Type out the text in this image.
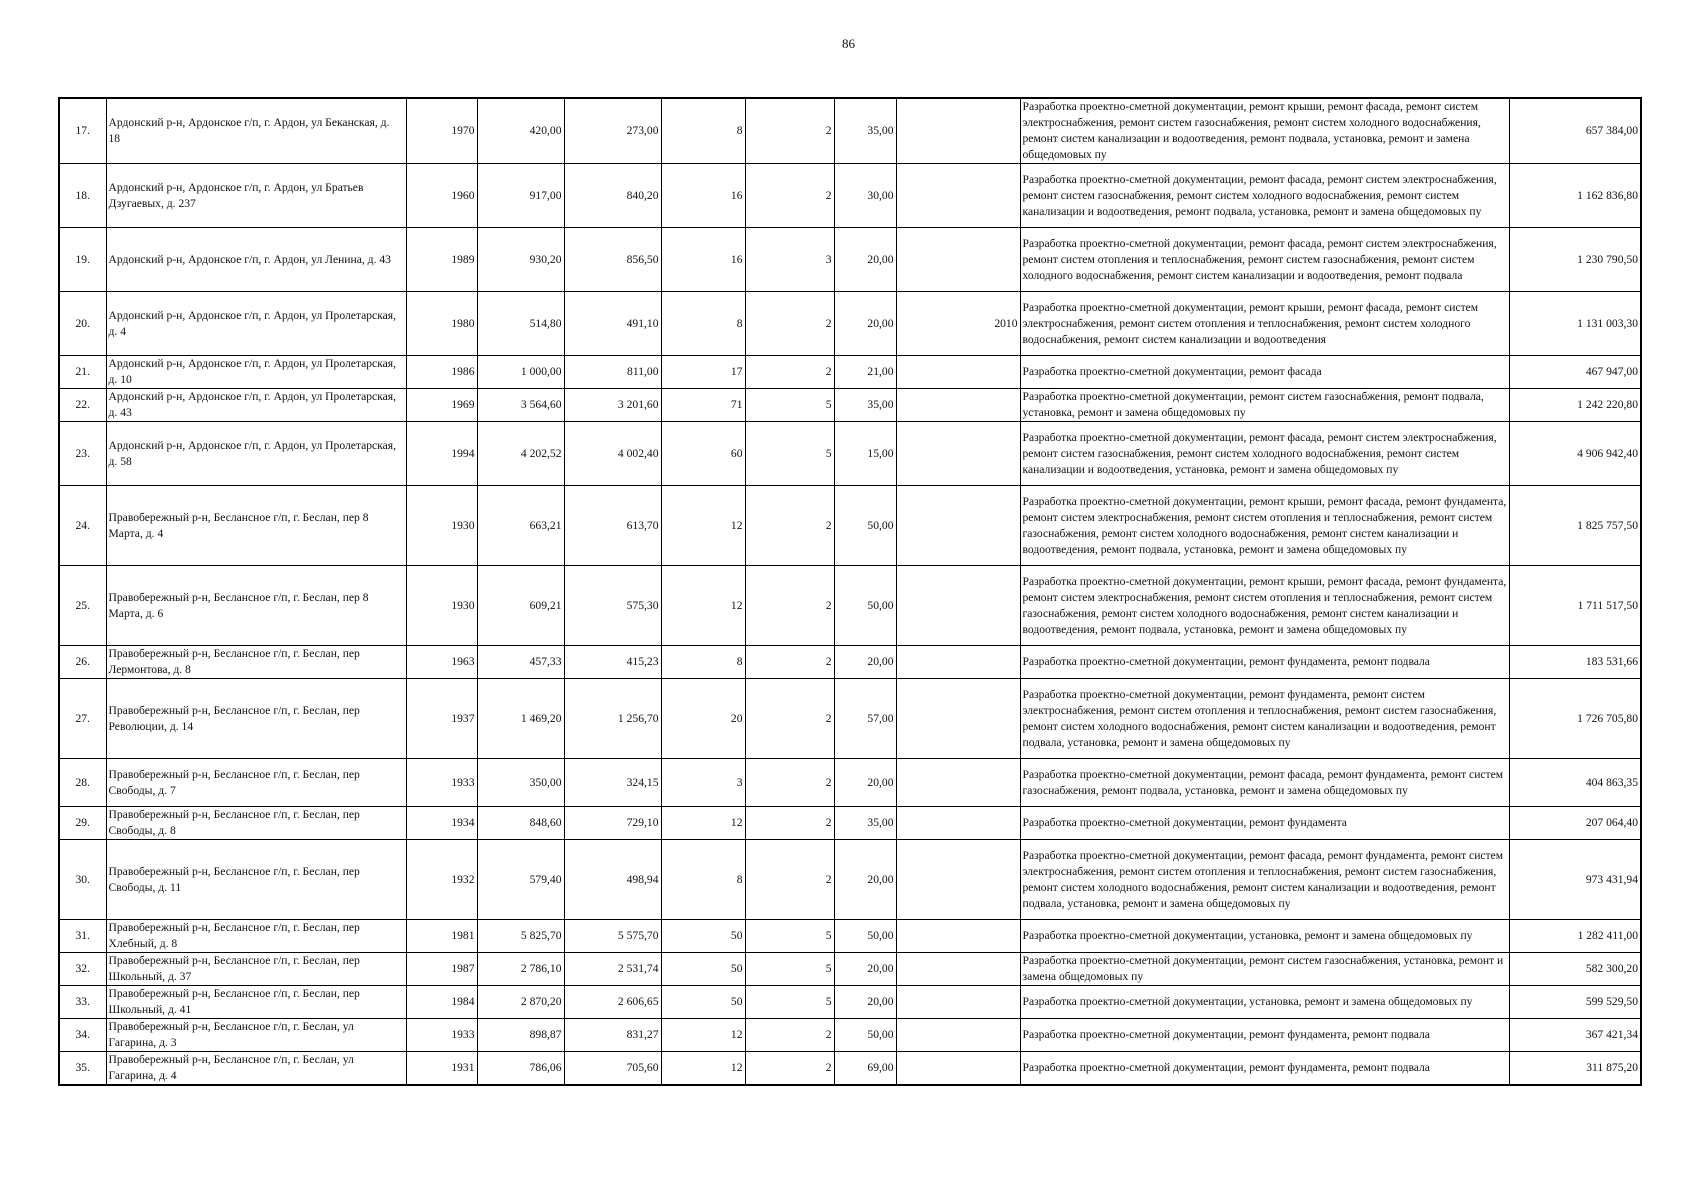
86
17.	Ардонский р-н, Ардонское г/п, г. Ардон, ул Беканская, д. 18	1970	420,00	273,00	8	2	35,00		Разработка проектно-сметной документации, ремонт крыши, ремонт фасада, ремонт систем электроснабжения, ремонт систем газоснабжения, ремонт систем холодного водоснабжения, ремонт систем канализации и водоотведения, ремонт подвала, установка, ремонт и замена общедомовых пу	657 384,00
18.	Ардонский р-н, Ардонское г/п, г. Ардон, ул Братьев Дзугаевых, д. 237	1960	917,00	840,20	16	2	30,00		Разработка проектно-сметной документации, ремонт фасада, ремонт систем электроснабжения, ремонт систем газоснабжения, ремонт систем холодного водоснабжения, ремонт систем канализации и водоотведения, ремонт подвала, установка, ремонт и замена общедомовых пу	1 162 836,80
19.	Ардонский р-н, Ардонское г/п, г. Ардон, ул Ленина, д. 43	1989	930,20	856,50	16	3	20,00		Разработка проектно-сметной документации, ремонт фасада, ремонт систем электроснабжения, ремонт систем отопления и теплоснабжения, ремонт систем газоснабжения, ремонт систем холодного водоснабжения, ремонт систем канализации и водоотведения, ремонт подвала	1 230 790,50
20.	Ардонский р-н, Ардонское г/п, г. Ардон, ул Пролетарская, д. 4	1980	514,80	491,10	8	2	20,00	2010	Разработка проектно-сметной документации, ремонт крыши, ремонт фасада, ремонт систем электроснабжения, ремонт систем отопления и теплоснабжения, ремонт систем холодного водоснабжения, ремонт систем канализации и водоотведения	1 131 003,30
21.	Ардонский р-н, Ардонское г/п, г. Ардон, ул Пролетарская, д. 10	1986	1 000,00	811,00	17	2	21,00		Разработка проектно-сметной документации, ремонт фасада	467 947,00
22.	Ардонский р-н, Ардонское г/п, г. Ардон, ул Пролетарская, д. 43	1969	3 564,60	3 201,60	71	5	35,00		Разработка проектно-сметной документации, ремонт систем газоснабжения, ремонт подвала, установка, ремонт и замена общедомовых пу	1 242 220,80
23.	Ардонский р-н, Ардонское г/п, г. Ардон, ул Пролетарская, д. 58	1994	4 202,52	4 002,40	60	5	15,00		Разработка проектно-сметной документации, ремонт фасада, ремонт систем электроснабжения, ремонт систем газоснабжения, ремонт систем холодного водоснабжения, ремонт систем канализации и водоотведения, установка, ремонт и замена общедомовых пу	4 906 942,40
24.	Правобережный р-н, Беслансное г/п, г. Беслан, пер 8 Марта, д. 4	1930	663,21	613,70	12	2	50,00		Разработка проектно-сметной документации, ремонт крыши, ремонт фасада, ремонт фундамента, ремонт систем электроснабжения, ремонт систем отопления и теплоснабжения, ремонт систем газоснабжения, ремонт систем холодного водоснабжения, ремонт систем канализации и водоотведения, ремонт подвала, установка, ремонт и замена общедомовых пу	1 825 757,50
25.	Правобережный р-н, Беслансное г/п, г. Беслан, пер 8 Марта, д. 6	1930	609,21	575,30	12	2	50,00		Разработка проектно-сметной документации, ремонт крыши, ремонт фасада, ремонт фундамента, ремонт систем электроснабжения, ремонт систем отопления и теплоснабжения, ремонт систем газоснабжения, ремонт систем холодного водоснабжения, ремонт систем канализации и водоотведения, ремонт подвала, установка, ремонт и замена общедомовых пу	1 711 517,50
26.	Правобережный р-н, Беслансное г/п, г. Беслан, пер Лермонтова, д. 8	1963	457,33	415,23	8	2	20,00		Разработка проектно-сметной документации, ремонт фундамента, ремонт подвала	183 531,66
27.	Правобережный р-н, Беслансное г/п, г. Беслан, пер Революции, д. 14	1937	1 469,20	1 256,70	20	2	57,00		Разработка проектно-сметной документации, ремонт фундамента, ремонт систем электроснабжения, ремонт систем отопления и теплоснабжения, ремонт систем газоснабжения, ремонт систем холодного водоснабжения, ремонт систем канализации и водоотведения, ремонт подвала, установка, ремонт и замена общедомовых пу	1 726 705,80
28.	Правобережный р-н, Беслансное г/п, г. Беслан, пер Свободы, д. 7	1933	350,00	324,15	3	2	20,00		Разработка проектно-сметной документации, ремонт фасада, ремонт фундамента, ремонт систем газоснабжения, ремонт подвала, установка, ремонт и замена общедомовых пу	404 863,35
29.	Правобережный р-н, Беслансное г/п, г. Беслан, пер Свободы, д. 8	1934	848,60	729,10	12	2	35,00		Разработка проектно-сметной документации, ремонт фундамента	207 064,40
30.	Правобережный р-н, Беслансное г/п, г. Беслан, пер Свободы, д. 11	1932	579,40	498,94	8	2	20,00		Разработка проектно-сметной документации, ремонт фасада, ремонт фундамента, ремонт систем электроснабжения, ремонт систем отопления и теплоснабжения, ремонт систем газоснабжения, ремонт систем холодного водоснабжения, ремонт систем канализации и водоотведения, ремонт подвала, установка, ремонт и замена общедомовых пу	973 431,94
31.	Правобережный р-н, Беслансное г/п, г. Беслан, пер Хлебный, д. 8	1981	5 825,70	5 575,70	50	5	50,00		Разработка проектно-сметной документации, установка, ремонт и замена общедомовых пу	1 282 411,00
32.	Правобережный р-н, Беслансное г/п, г. Беслан, пер Школьный, д. 37	1987	2 786,10	2 531,74	50	5	20,00		Разработка проектно-сметной документации, ремонт систем газоснабжения, установка, ремонт и замена общедомовых пу	582 300,20
33.	Правобережный р-н, Беслансное г/п, г. Беслан, пер Школьный, д. 41	1984	2 870,20	2 606,65	50	5	20,00		Разработка проектно-сметной документации, установка, ремонт и замена общедомовых пу	599 529,50
34.	Правобережный р-н, Беслансное г/п, г. Беслан, ул Гагарина, д. 3	1933	898,87	831,27	12	2	50,00		Разработка проектно-сметной документации, ремонт фундамента, ремонт подвала	367 421,34
35.	Правобережный р-н, Беслансное г/п, г. Беслан, ул Гагарина, д. 4	1931	786,06	705,60	12	2	69,00		Разработка проектно-сметной документации, ремонт фундамента, ремонт подвала	311 875,20
